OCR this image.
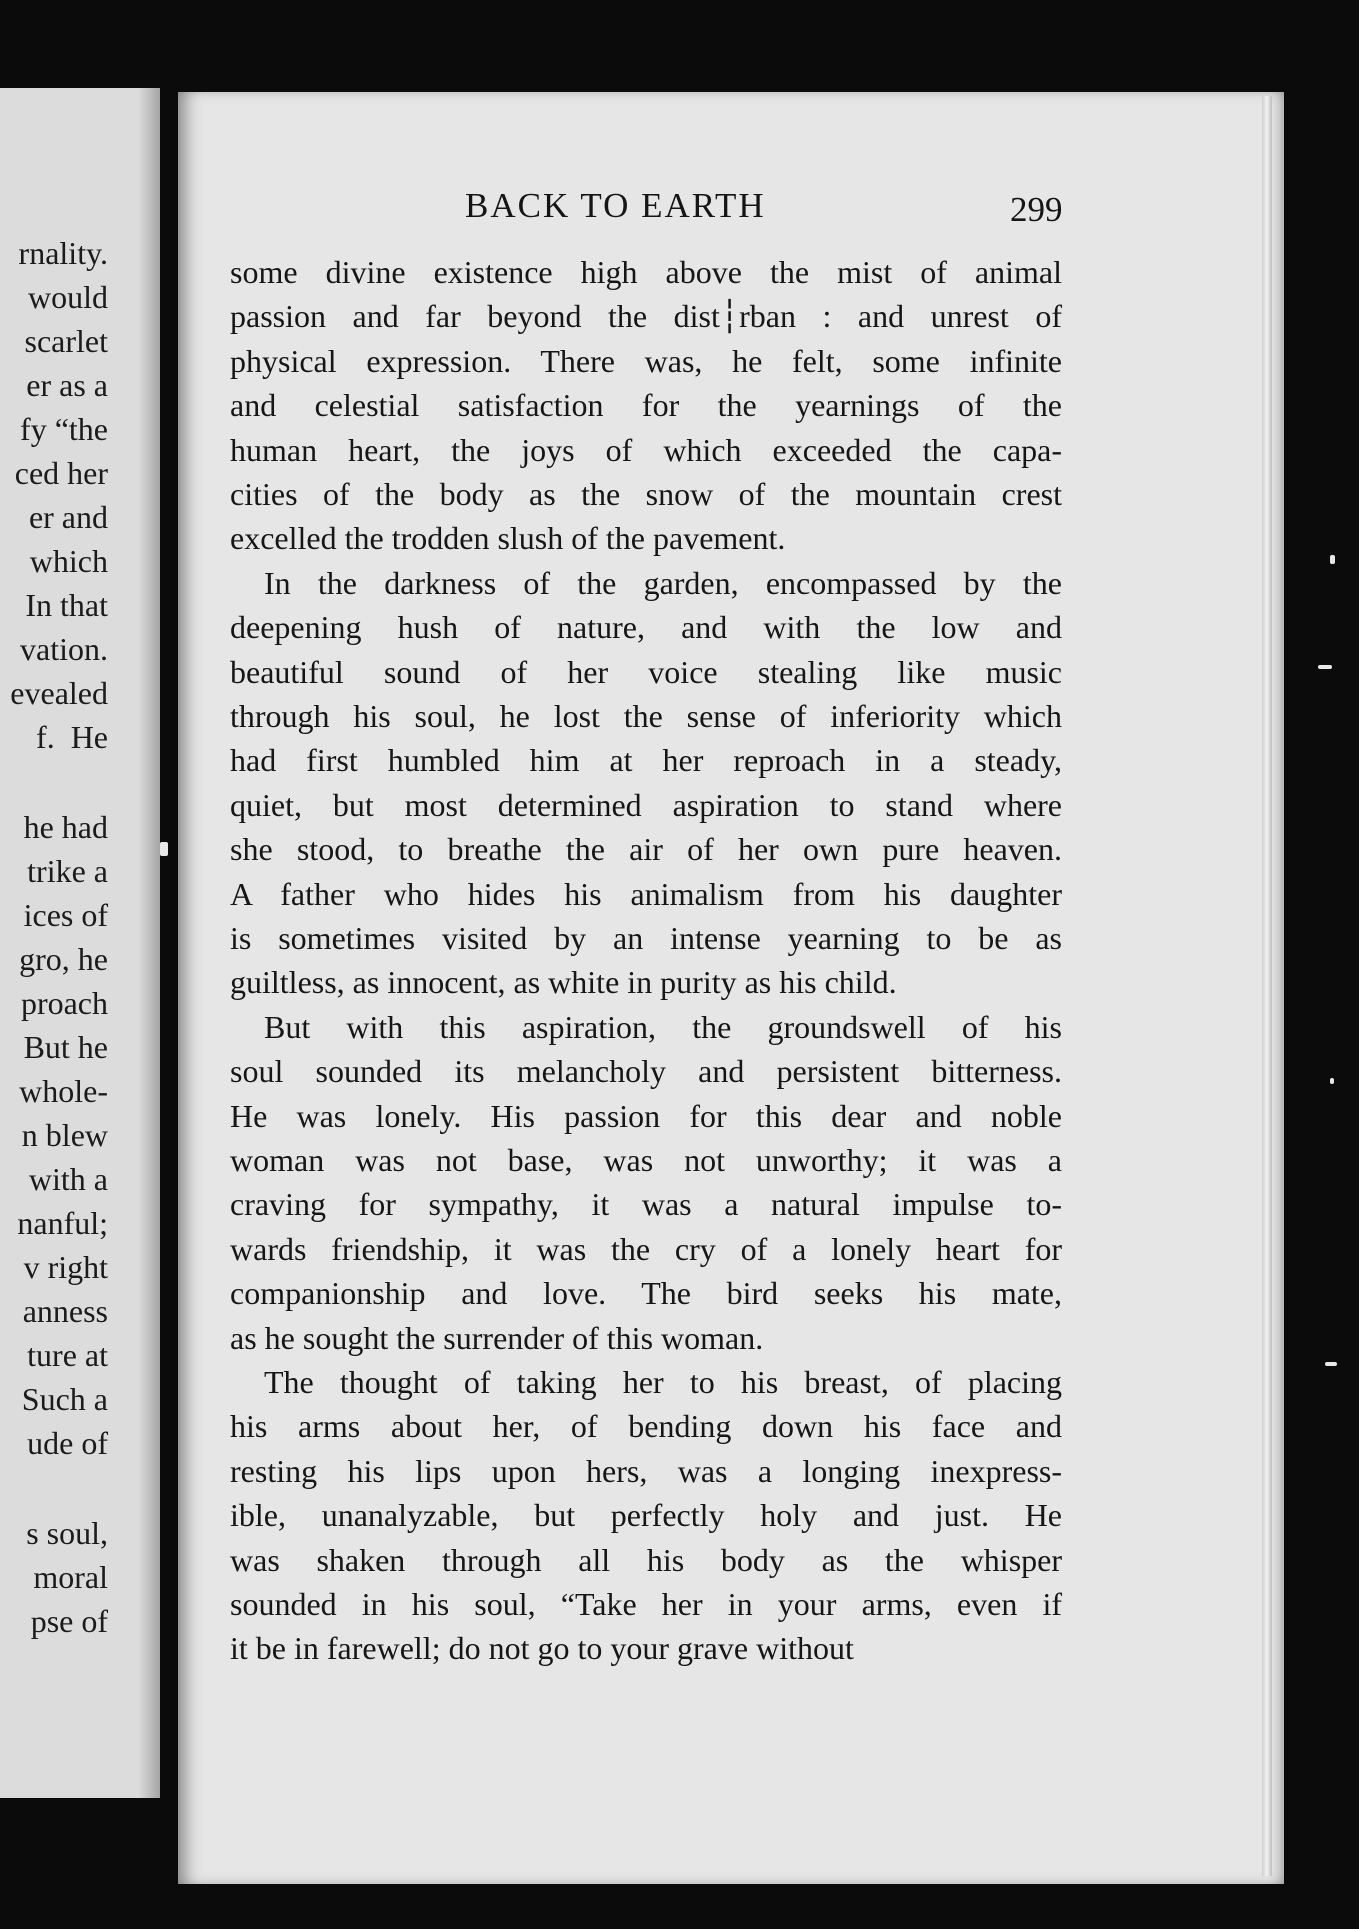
rnality.
would
scarlet
er as a
fy “the
ced her
er and
which
In that
vation.
evealed
f.  He
he had
trike a
ices of
gro, he
proach
But he
whole-
n blew
with a
nanful;
v right
anness
ture at
Such a
ude of
s soul,
moral
pse of
BACK TO EARTH	299
some divine existence high above the mist of animal
passion and far beyond the dist┆rban : and unrest of
physical expression. There was, he felt, some infinite
and celestial satisfaction for the yearnings of the
human heart, the joys of which exceeded the capa-
cities of the body as the snow of the mountain crest
excelled the trodden slush of the pavement.
In the darkness of the garden, encompassed by the
deepening hush of nature, and with the low and
beautiful sound of her voice stealing like music
through his soul, he lost the sense of inferiority which
had first humbled him at her reproach in a steady,
quiet, but most determined aspiration to stand where
she stood, to breathe the air of her own pure heaven.
A father who hides his animalism from his daughter
is sometimes visited by an intense yearning to be as
guiltless, as innocent, as white in purity as his child.
But with this aspiration, the groundswell of his
soul sounded its melancholy and persistent bitterness.
He was lonely. His passion for this dear and noble
woman was not base, was not unworthy; it was a
craving for sympathy, it was a natural impulse to-
wards friendship, it was the cry of a lonely heart for
companionship and love. The bird seeks his mate,
as he sought the surrender of this woman.
The thought of taking her to his breast, of placing
his arms about her, of bending down his face and
resting his lips upon hers, was a longing inexpress-
ible, unanalyzable, but perfectly holy and just. He
was shaken through all his body as the whisper
sounded in his soul, “Take her in your arms, even if
it be in farewell; do not go to your grave without
